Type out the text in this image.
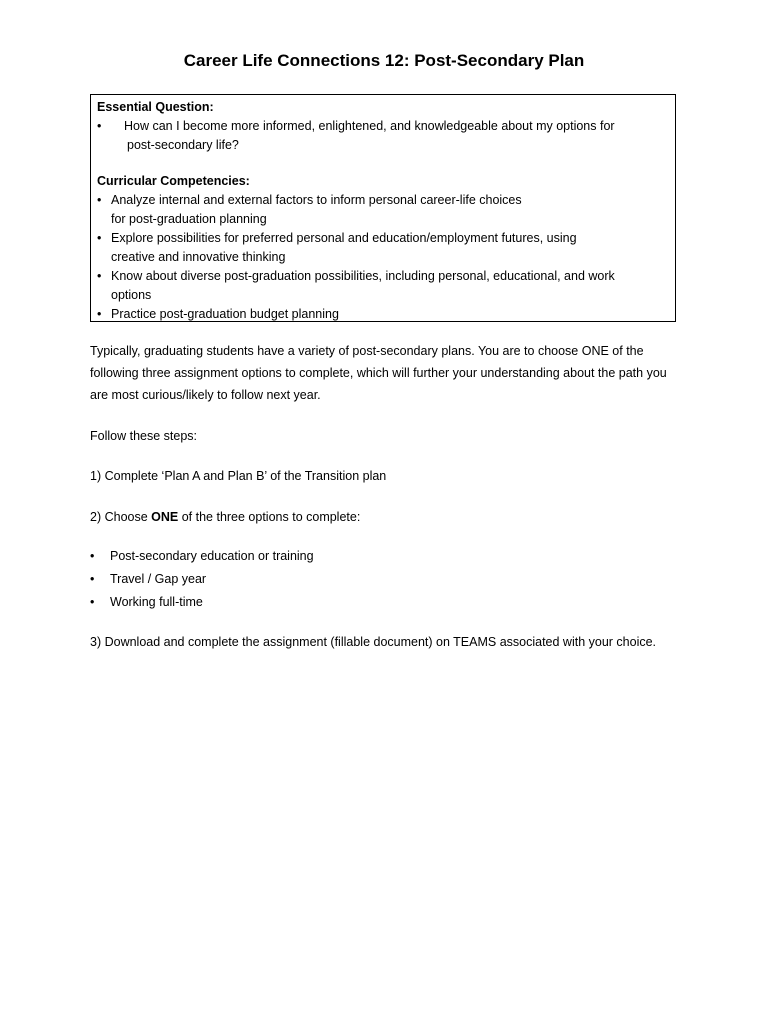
Career Life Connections 12: Post-Secondary Plan
Essential Question:
•	How can I become more informed, enlightened, and knowledgeable about my options for
post-secondary life?
Curricular Competencies:
• Analyze internal and external factors to inform personal career-life choices
for post-graduation planning
• Explore possibilities for preferred personal and education/employment futures, using
creative and innovative thinking
• Know about diverse post-graduation possibilities, including personal, educational, and work
options
• Practice post-graduation budget planning
Typically, graduating students have a variety of post-secondary plans. You are to choose ONE of the following three assignment options to complete, which will further your understanding about the path you are most curious/likely to follow next year.
Follow these steps:
1) Complete ‘Plan A and Plan B’ of the Transition plan
2) Choose ONE of the three options to complete:
• Post-secondary education or training
• Travel / Gap year
• Working full-time
3) Download and complete the assignment (fillable document) on TEAMS associated with your choice.
